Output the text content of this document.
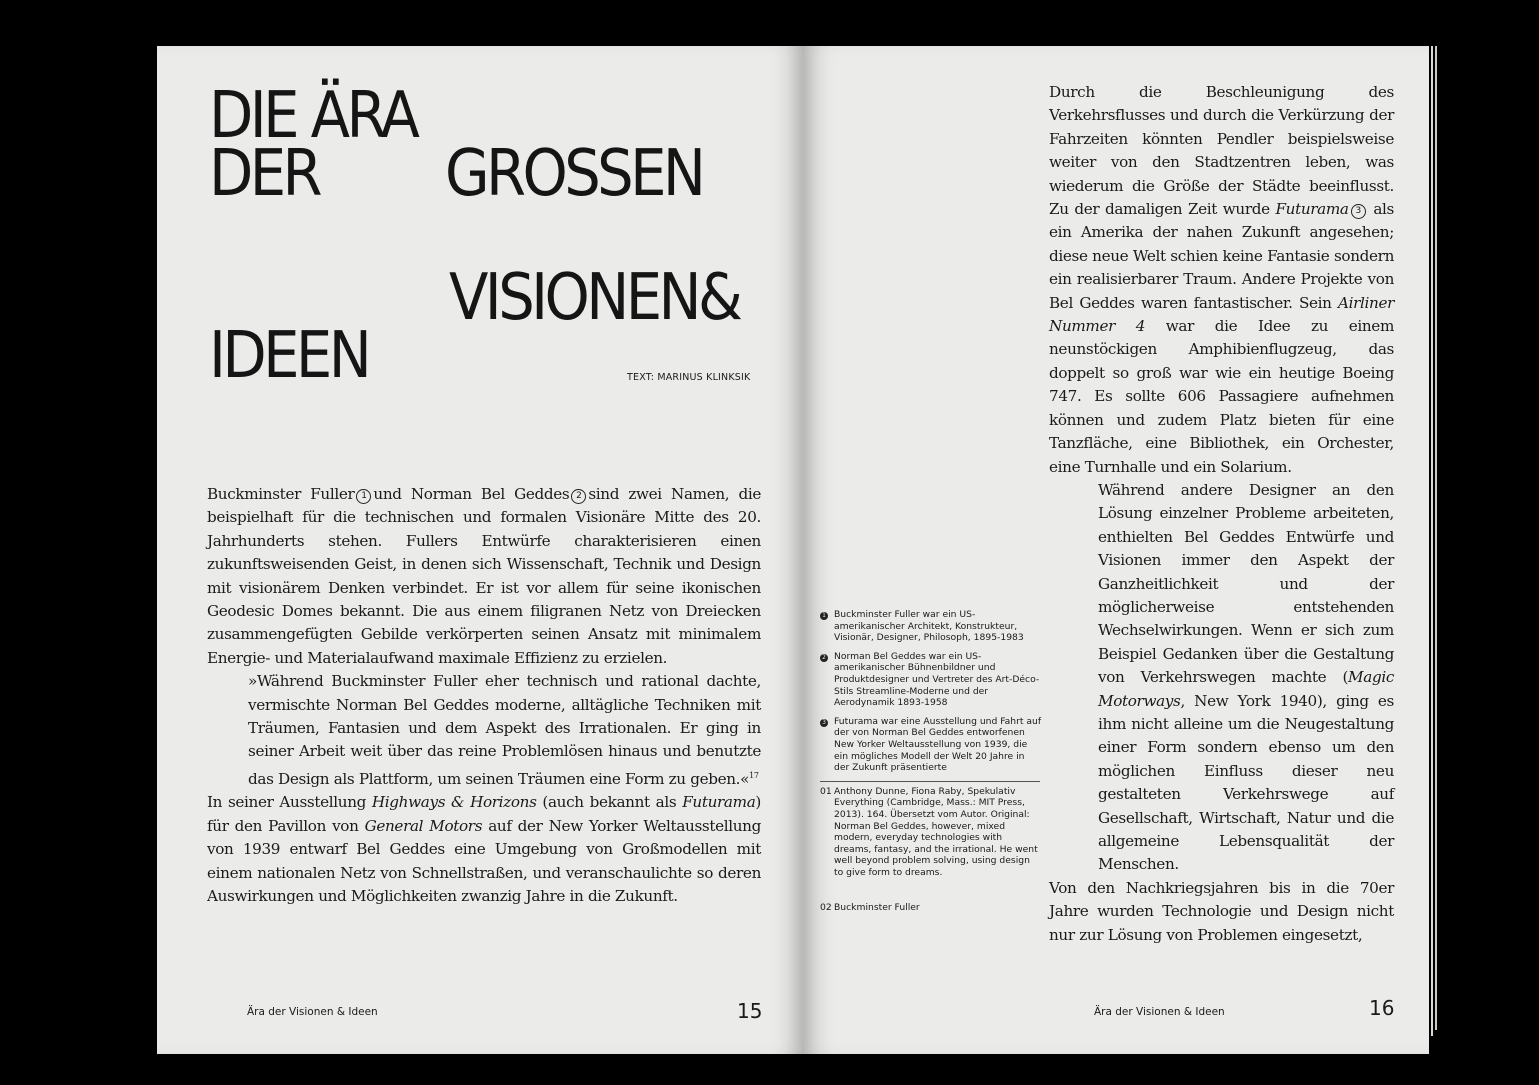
DIE ÄRA
DER GROSSEN
VISIONEN&
IDEEN	TEXT: MARINUS KLINKSIK

Buckminster Fuller 1 und Norman Bel Geddes 2 sind zwei Namen, die beispielhaft für die technischen und formalen Visionäre Mitte des 20. Jahrhunderts stehen. Fullers Entwürfe charakterisieren einen zukunftsweisenden Geist, in denen sich Wissenschaft, Technik und Design mit visionärem Denken verbindet. Er ist vor allem für seine ikonischen Geodesic Domes bekannt. Die aus einem filigranen Netz von Dreiecken zusammengefügten Gebilde verkörperten seinen Ansatz mit minimalem Energie- und Materialaufwand maximale Effizienz zu erzielen.

»Während Buckminster Fuller eher technisch und rational dachte, vermischte Norman Bel Geddes moderne, alltägliche Techniken mit Träumen, Fantasien und dem Aspekt des Irrationalen. Er ging in seiner Arbeit weit über das reine Problemlösen hinaus und benutzte das Design als Plattform, um seinen Träumen eine Form zu geben.«$^{17}$

In seiner Ausstellung Highways & Horizons (auch bekannt als Futurama) für den Pavillon von General Motors auf der New Yorker Weltausstellung von 1939 entwarf Bel Geddes eine Umgebung von Großmodellen mit einem nationalen Netz von Schnellstraßen, und veranschaulichte so deren Auswirkungen und Möglichkeiten zwanzig Jahre in die Zukunft.

Ära der Visionen & Ideen	15
1 Buckminster Fuller war ein US-amerikanischer Architekt, Konstrukteur, Visionär, Designer, Philosoph, 1895-1983
2 Norman Bel Geddes war ein US-amerikanischer Bühnenbildner und Produktdesigner und Vertreter des Art-Déco-Stils Streamline-Moderne und der Aerodynamik 1893-1958
3 Futurama war eine Ausstellung und Fahrt auf der von Norman Bel Geddes entworfenen New Yorker Weltausstellung von 1939, die ein mögliches Modell der Welt 20 Jahre in der Zukunft präsentierte
01 Anthony Dunne, Fiona Raby, Spekulativ Everything (Cambridge, Mass.: MIT Press, 2013). 164. Übersetzt vom Autor. Original: Norman Bel Geddes, however, mixed modern, everyday technologies with dreams, fantasy, and the irrational. He went well beyond problem solving, using design to give form to dreams.
02 Buckminster Fuller

Durch die Beschleunigung des Verkehrsflusses und durch die Verkürzung der Fahrzeiten könnten Pendler beispielsweise weiter von den Stadtzentren leben, was wiederum die Größe der Städte beeinflusst. Zu der damaligen Zeit wurde Futurama 3 als ein Amerika der nahen Zukunft angesehen; diese neue Welt schien keine Fantasie sondern ein realisierbarer Traum. Andere Projekte von Bel Geddes waren fantastischer. Sein Airliner Nummer 4 war die Idee zu einem neunstöckigen Amphibienflugzeug, das doppelt so groß war wie ein heutige Boeing 747. Es sollte 606 Passagiere aufnehmen können und zudem Platz bieten für eine Tanzfläche, eine Bibliothek, ein Orchester, eine Turnhalle und ein Solarium.

Während andere Designer an den Lösung einzelner Probleme arbeiteten, enthielten Bel Geddes Entwürfe und Visionen immer den Aspekt der Ganzheitlichkeit und der möglicherweise entstehenden Wechselwirkungen. Wenn er sich zum Beispiel Gedanken über die Gestaltung von Verkehrswegen machte (Magic Motorways, New York 1940), ging es ihm nicht alleine um die Neugestaltung einer Form sondern ebenso um den möglichen Einfluss dieser neu gestalteten Verkehrswege auf Gesellschaft, Wirtschaft, Natur und die allgemeine Lebensqualität der Menschen.

Von den Nachkriegsjahren bis in die 70er Jahre wurden Technologie und Design nicht nur zur Lösung von Problemen eingesetzt,

Ära der Visionen & Ideen	16
